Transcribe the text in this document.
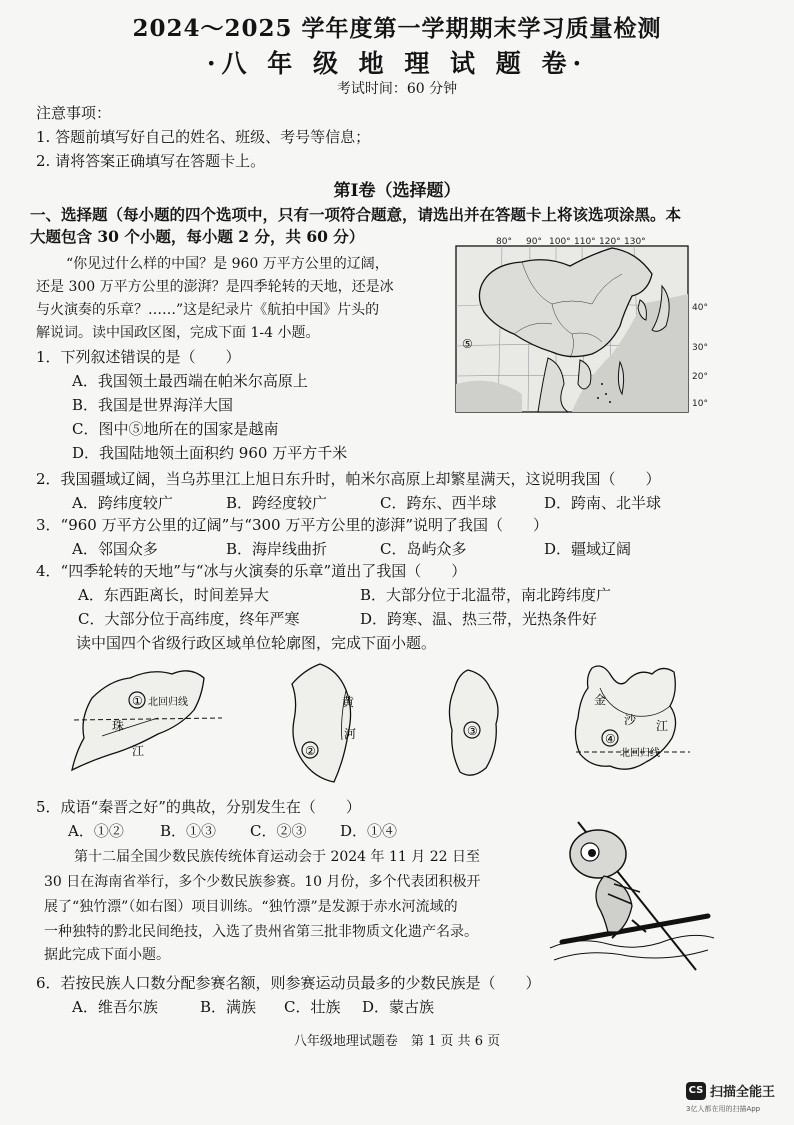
2024～2025 学年度第一学期期末学习质量检测
·八 年 级 地 理 试 题 卷·
考试时间：60 分钟
注意事项：
1. 答题前填写好自己的姓名、班级、考号等信息；
2. 请将答案正确填写在答题卡上。
第Ⅰ卷（选择题）
一、选择题（每小题的四个选项中，只有一项符合题意，请选出并在答题卡上将该选项涂黑。本
大题包含 30 个小题，每小题 2 分，共 60 分）
“你见过什么样的中国？是 960 万平方公里的辽阔，
还是 300 万平方公里的澎湃？是四季轮转的天地，还是冰
与火演奏的乐章？……”这是纪录片《航拍中国》片头的
解说词。读中国政区图，完成下面 1-4 小题。
80° 90° 100° 110° 120° 130°
40°
30°
20°
10°
⑤
1．下列叙述错误的是（　　）
A．我国领土最西端在帕米尔高原上
B．我国是世界海洋大国
C．图中⑤地所在的国家是越南
D．我国陆地领土面积约 960 万平方千米
2．我国疆域辽阔，当乌苏里江上旭日东升时，帕米尔高原上却繁星满天，这说明我国（　　）
A．跨纬度较广	B．跨经度较广	C．跨东、西半球	D．跨南、北半球
3．“960 万平方公里的辽阔”与“300 万平方公里的澎湃”说明了我国（　　）
A．邻国众多	B．海岸线曲折	C．岛屿众多	D．疆域辽阔
4．“四季轮转的天地”与“冰与火演奏的乐章”道出了我国（　　）
A．东西距离长，时间差异大	B．大部分位于北温带，南北跨纬度广
C．大部分位于高纬度，终年严寒	D．跨寒、温、热三带，光热条件好
读中国四个省级行政区域单位轮廓图，完成下面小题。
① 北回归线
珠
江	②
黄
河	③
④
金
沙 江
北回归线
5．成语“秦晋之好”的典故，分别发生在（　　）
A．①② B．①③ C．②③ D．①④
第十二届全国少数民族传统体育运动会于 2024 年 11 月 22 日至
30 日在海南省举行，多个少数民族参赛。10 月份，多个代表团积极开
展了“独竹漂”（如右图）项目训练。“独竹漂”是发源于赤水河流域的
一种独特的黔北民间绝技，入选了贵州省第三批非物质文化遗产名录。
据此完成下面小题。
6．若按民族人口数分配参赛名额，则参赛运动员最多的少数民族是（　　）
A．维吾尔族	B．满族 C．壮族 D．蒙古族
八年级地理试题卷　第 1 页 共 6 页
CS 扫描全能王
3亿人都在用的扫描App
